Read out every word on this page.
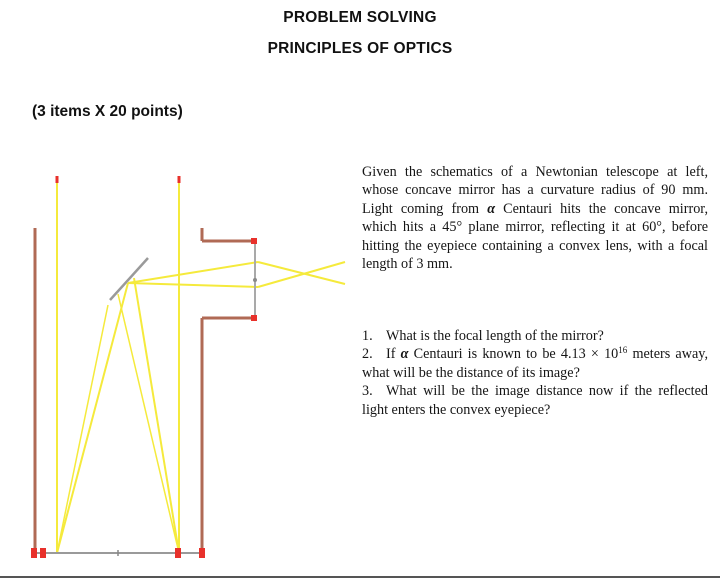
PROBLEM SOLVING
PRINCIPLES OF OPTICS
(3 items X 20 points)
Given the schematics of a Newtonian telescope at left, whose concave mirror has a curvature radius of 90 mm. Light coming from α Centauri hits the concave mirror, which hits a 45° plane mirror, reflecting it at 60°, before hitting the eyepiece containing a convex lens, with a focal length of 3 mm.
1. What is the focal length of the mirror?
2. If α Centauri is known to be $4.13 \times 10^{16}$ meters away, what will be the distance of its image?
3. What will be the image distance now if the reflected light enters the convex eyepiece?
